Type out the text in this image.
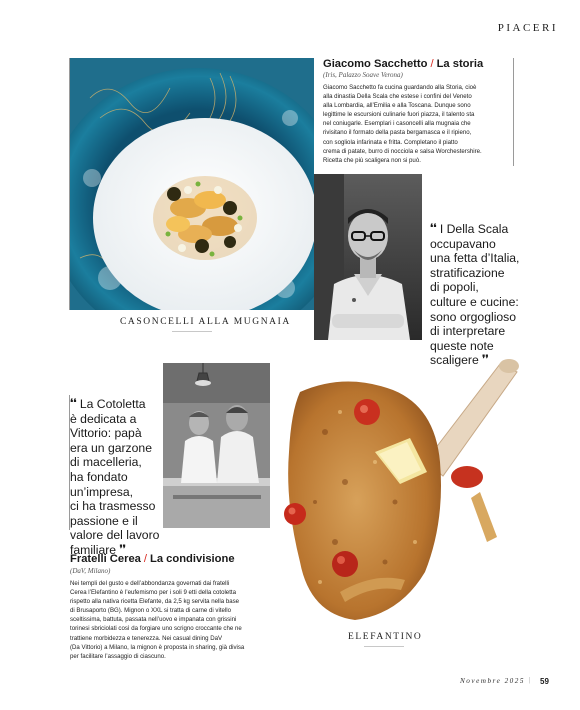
PIACERI
CASONCELLI ALLA MUGNAIA
Giacomo Sacchetto / La storia
(Iris, Palazzo Soave Verona)
Giacomo Sacchetto fa cucina guardando alla Storia, cioè
alla dinastia Della Scala che estese i confini del Veneto
alla Lombardia, all’Emilia e alla Toscana. Dunque sono
legittime le escursioni culinarie fuori piazza, il talento sta
nel coniugarle. Esemplari i casoncelli alla mugnaia che
rivisitano il formato della pasta bergamasca e il ripieno,
con sogliola infarinata e fritta. Completano il piatto
crema di patate, burro di nocciola e salsa Worchestershire.
Ricetta che più scaligera non si può.
❛❛ I Della Scala
occupavano
una fetta d’Italia,
stratificazione
di popoli,
culture e cucine:
sono orgoglioso
di interpretare
queste note
scaligere ❜❜
❛❛ La Cotoletta
è dedicata a
Vittorio: papà
era un garzone
di macelleria,
ha fondato
un’impresa,
ci ha trasmesso
passione e il
valore del lavoro
familiare ❜❜
ELEFANTINO
Fratelli Cerea / La condivisione
(DaV, Milano)
Nei templi del gusto e dell’abbondanza governati dai fratelli
Cerea l’Elefantino è l’eufemismo per i soli 9 etti della cotoletta
rispetto alla nativa ricetta Elefante, da 2,5 kg servita nella base
di Brusaporto (BG). Mignon o XXL si tratta di carne di vitello
sceltissima, battuta, passata nell’uovo e impanata con grissini
torinesi sbriciolati così da forgiare uno scrigno croccante che ne
trattiene morbidezza e tenerezza. Nei casual dining DaV
(Da Vittorio) a Milano, la mignon è proposta in sharing, già divisa
per facilitare l’assaggio di ciascuno.
Novembre 2025 | 59
